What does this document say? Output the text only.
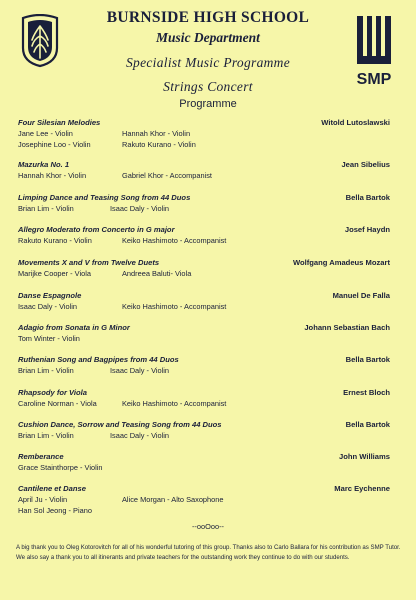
SMP
BURNSIDE HIGH SCHOOL
Music Department
Specialist Music Programme
Strings Concert
Programme
Four Silesian Melodies	Witold Lutoslawski
Jane Lee - Violin	Hannah Khor - Violin
Josephine Loo - Violin	Rakuto Kurano - Violin
Mazurka No. 1	Jean Sibelius
Hannah Khor - Violin	Gabriel Khor - Accompanist
Limping Dance and Teasing Song from 44 Duos	Bella Bartok
Brian Lim - Violin	Isaac Daly - Violin
Allegro Moderato from Concerto in G major	Josef Haydn
Rakuto Kurano - Violin	Keiko Hashimoto - Accompanist
Movements X and V from Twelve Duets	Wolfgang Amadeus Mozart
Marijke Cooper - Viola	Andreea Baluti- Viola
Danse Espagnole	Manuel De Falla
Isaac Daly - Violin	Keiko Hashimoto - Accompanist
Adagio from Sonata in G Minor	Johann Sebastian Bach
Tom Winter - Violin
Ruthenian Song and Bagpipes from 44 Duos	Bella Bartok
Brian Lim - Violin	Isaac Daly - Violin
Rhapsody for Viola	Ernest Bloch
Caroline Norman - Viola	Keiko Hashimoto - Accompanist
Cushion Dance, Sorrow and Teasing Song from 44 Duos	Bella Bartok
Brian Lim - Violin	Isaac Daly - Violin
Remberance	John Williams
Grace Stainthorpe - Violin
Cantilene et Danse	Marc Eychenne
April Ju - Violin	Alice Morgan - Alto Saxophone
Han Sol Jeong - Piano
--ooOoo--
A big thank you to Oleg Kotorovitch for all of his wonderful tutoring of this group. Thanks also to Carlo Ballara for his contribution as SMP Tutor. We also say a thank you to all itinerants and private teachers for the outstanding work they continue to do with our students.
